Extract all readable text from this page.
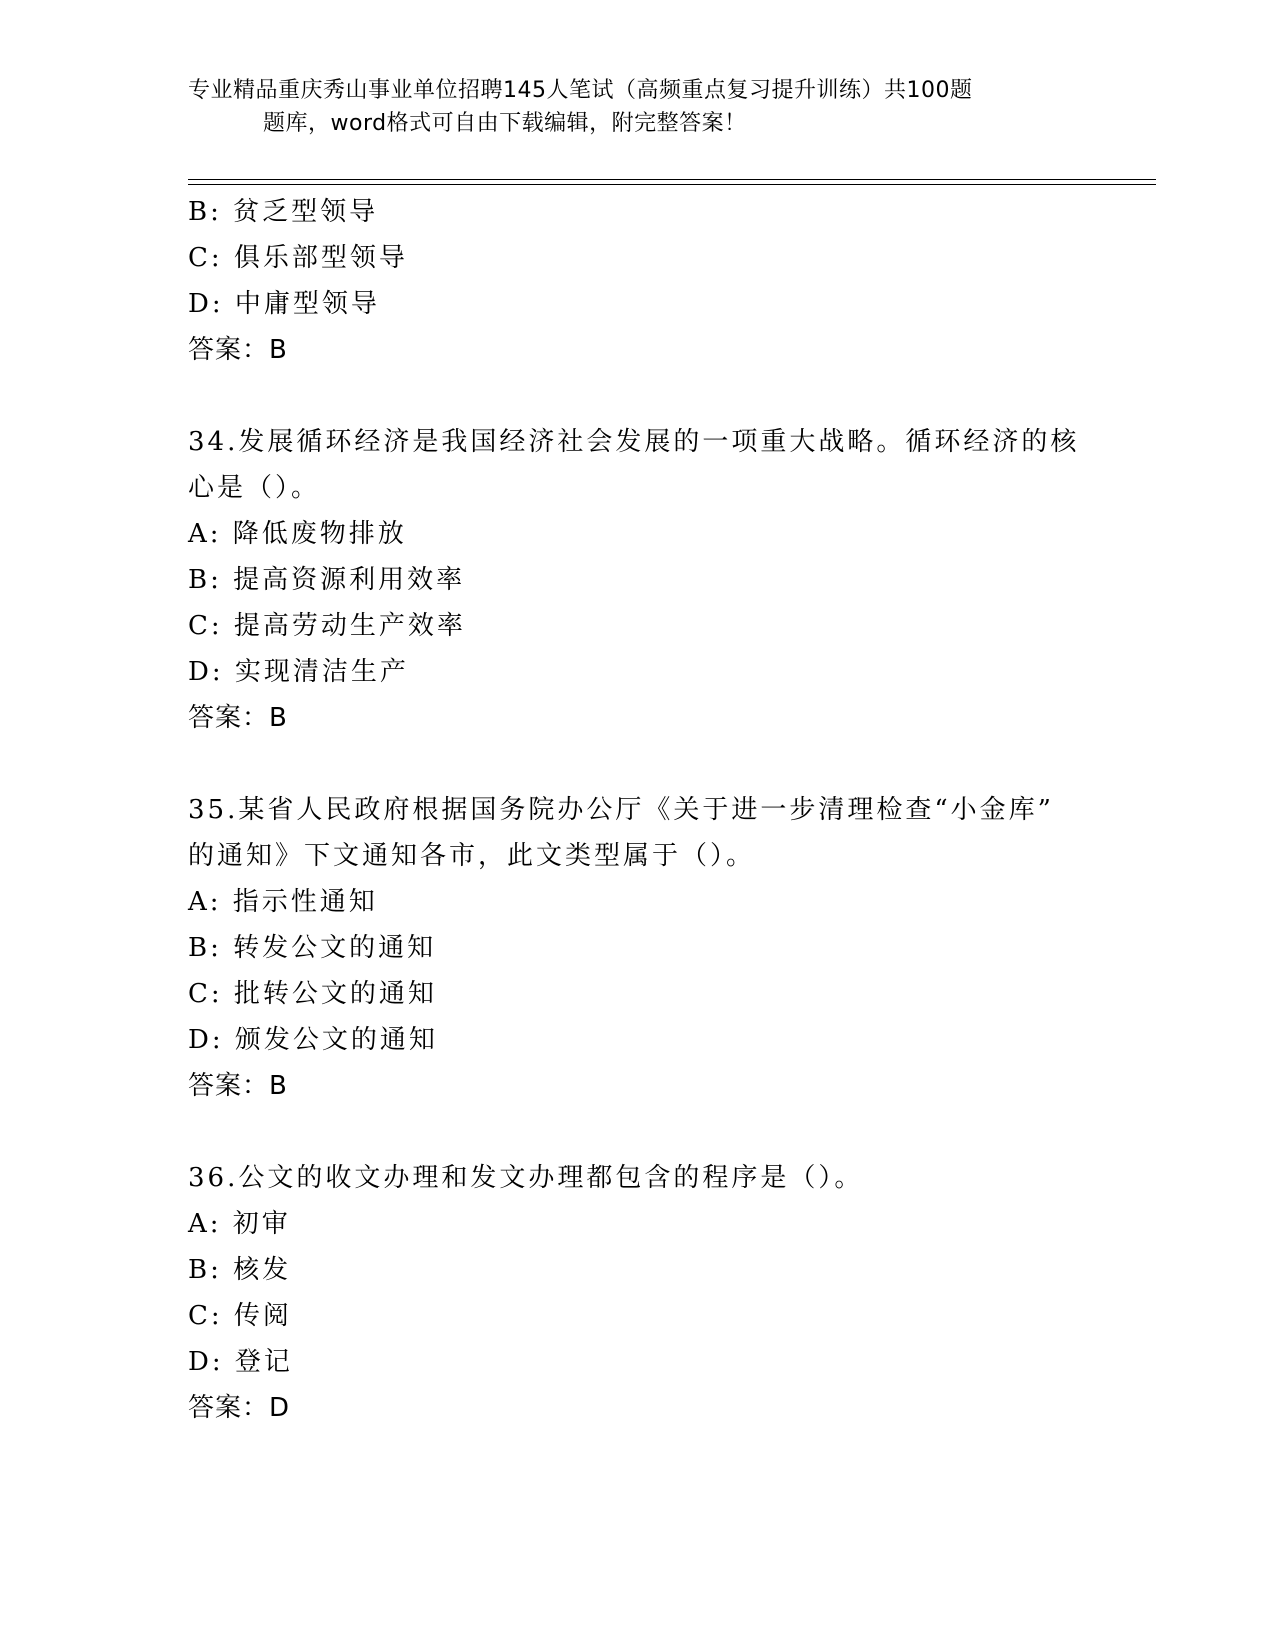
专业精品重庆秀山事业单位招聘145人笔试（高频重点复习提升训练）共100题
题库，word格式可自由下载编辑，附完整答案！
B: 贫乏型领导
C: 俱乐部型领导
D: 中庸型领导
答案：B
34.发展循环经济是我国经济社会发展的一项重大战略。循环经济的核
心是（）。
A: 降低废物排放
B: 提高资源利用效率
C: 提高劳动生产效率
D: 实现清洁生产
答案：B
35.某省人民政府根据国务院办公厅《关于进一步清理检查“小金库”
的通知》下文通知各市，此文类型属于（）。
A: 指示性通知
B: 转发公文的通知
C: 批转公文的通知
D: 颁发公文的通知
答案：B
36.公文的收文办理和发文办理都包含的程序是（）。
A: 初审
B: 核发
C: 传阅
D: 登记
答案：D
